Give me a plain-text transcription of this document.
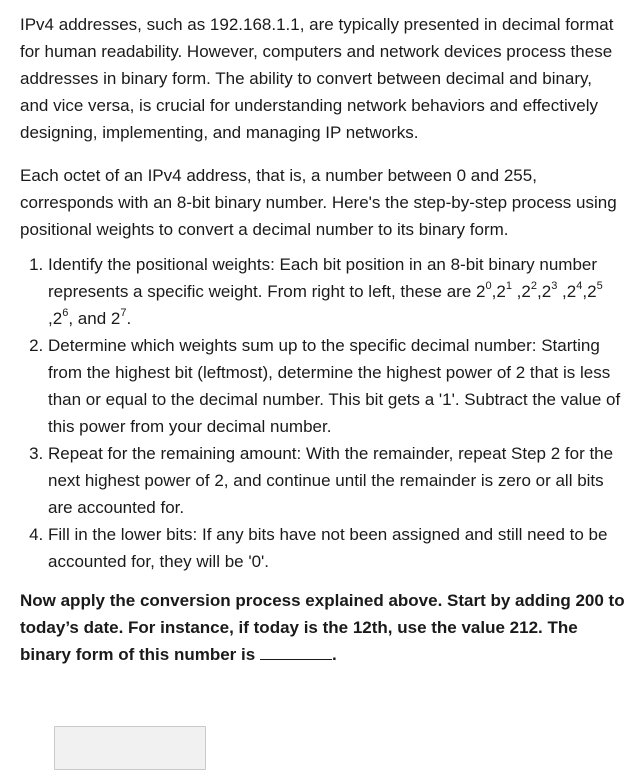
IPv4 addresses, such as 192.168.1.1, are typically presented in decimal format for human readability. However, computers and network devices process these addresses in binary form. The ability to convert between decimal and binary, and vice versa, is crucial for understanding network behaviors and effectively designing, implementing, and managing IP networks.

Each octet of an IPv4 address, that is, a number between 0 and 255, corresponds with an 8-bit binary number. Here's the step-by-step process using positional weights to convert a decimal number to its binary form.

1. Identify the positional weights: Each bit position in an 8-bit binary number represents a specific weight. From right to left, these are $2^0,2^1$ $,2^2,2^3$ $,2^4,2^5$ $,2^6$, and $2^7$.
2. Determine which weights sum up to the specific decimal number: Starting from the highest bit (leftmost), determine the highest power of 2 that is less than or equal to the decimal number. This bit gets a '1'. Subtract the value of this power from your decimal number.
3. Repeat for the remaining amount: With the remainder, repeat Step 2 for the next highest power of 2, and continue until the remainder is zero or all bits are accounted for.
4. Fill in the lower bits: If any bits have not been assigned and still need to be accounted for, they will be '0'.

Now apply the conversion process explained above. Start by adding 200 to today’s date. For instance, if today is the 12th, use the value 212. The binary form of this number is	.
